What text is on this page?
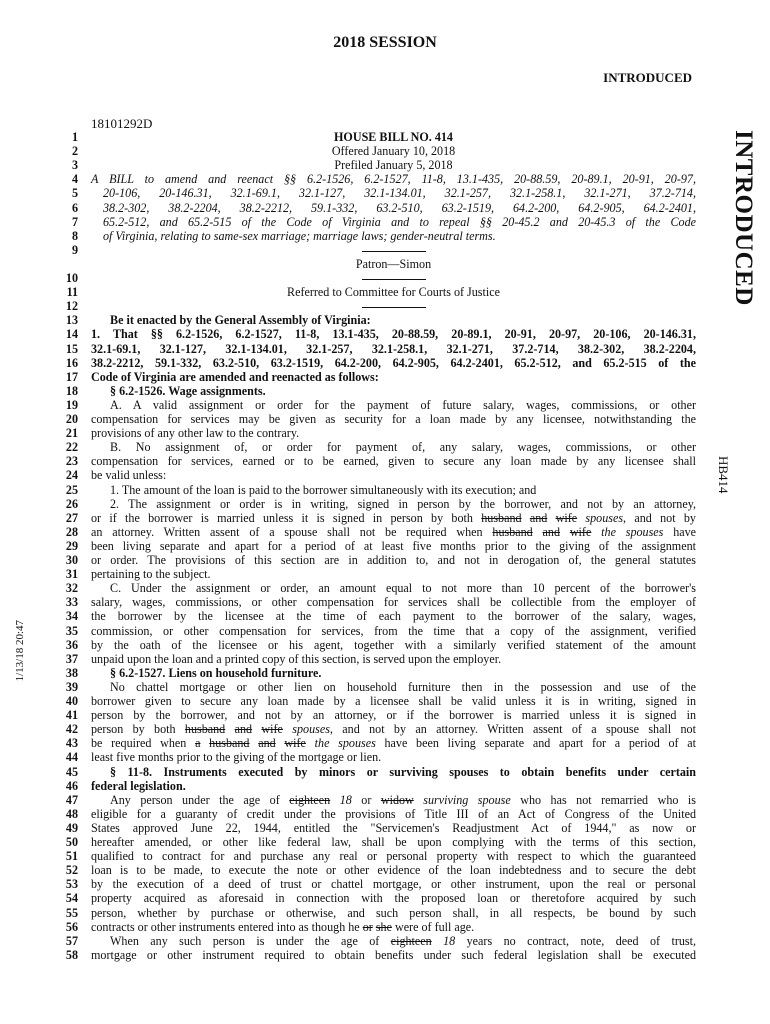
2018 SESSION
INTRODUCED
18101292D
INTRODUCED
HB414
1/13/18 20:47
1	HOUSE BILL NO. 414
2	Offered January 10, 2018
3	Prefiled January 5, 2018
4 A BILL to amend and reenact §§ 6.2-1526, 6.2-1527, 11-8, 13.1-435, 20-88.59, 20-89.1, 20-91, 20-97,
5	20-106, 20-146.31, 32.1-69.1, 32.1-127, 32.1-134.01, 32.1-257, 32.1-258.1, 32.1-271, 37.2-714,
6	38.2-302, 38.2-2204, 38.2-2212, 59.1-332, 63.2-510, 63.2-1519, 64.2-200, 64.2-905, 64.2-2401,
7	65.2-512, and 65.2-515 of the Code of Virginia and to repeal §§ 20-45.2 and 20-45.3 of the Code
8	of Virginia, relating to same-sex marriage; marriage laws; gender-neutral terms.
9
Patron—Simon
10
11	Referred to Committee for Courts of Justice
12
13	Be it enacted by the General Assembly of Virginia:
14 1. That §§ 6.2-1526, 6.2-1527, 11-8, 13.1-435, 20-88.59, 20-89.1, 20-91, 20-97, 20-106, 20-146.31,
15 32.1-69.1, 32.1-127, 32.1-134.01, 32.1-257, 32.1-258.1, 32.1-271, 37.2-714, 38.2-302, 38.2-2204,
16 38.2-2212, 59.1-332, 63.2-510, 63.2-1519, 64.2-200, 64.2-905, 64.2-2401, 65.2-512, and 65.2-515 of the
17 Code of Virginia are amended and reenacted as follows:
18	§ 6.2-1526. Wage assignments.
19	A. A valid assignment or order for the payment of future salary, wages, commissions, or other
20 compensation for services may be given as security for a loan made by any licensee, notwithstanding the
21 provisions of any other law to the contrary.
22	B. No assignment of, or order for payment of, any salary, wages, commissions, or other
23 compensation for services, earned or to be earned, given to secure any loan made by any licensee shall
24 be valid unless:
25	1. The amount of the loan is paid to the borrower simultaneously with its execution; and
26	2. The assignment or order is in writing, signed in person by the borrower, and not by an attorney,
27 or if the borrower is married unless it is signed in person by both husband and wife spouses, and not by
28 an attorney. Written assent of a spouse shall not be required when husband and wife the spouses have
29 been living separate and apart for a period of at least five months prior to the giving of the assignment
30 or order. The provisions of this section are in addition to, and not in derogation of, the general statutes
31 pertaining to the subject.
32	C. Under the assignment or order, an amount equal to not more than 10 percent of the borrower's
33 salary, wages, commissions, or other compensation for services shall be collectible from the employer of
34 the borrower by the licensee at the time of each payment to the borrower of the salary, wages,
35 commission, or other compensation for services, from the time that a copy of the assignment, verified
36 by the oath of the licensee or his agent, together with a similarly verified statement of the amount
37 unpaid upon the loan and a printed copy of this section, is served upon the employer.
38	§ 6.2-1527. Liens on household furniture.
39	No chattel mortgage or other lien on household furniture then in the possession and use of the
40 borrower given to secure any loan made by a licensee shall be valid unless it is in writing, signed in
41 person by the borrower, and not by an attorney, or if the borrower is married unless it is signed in
42 person by both husband and wife spouses, and not by an attorney. Written assent of a spouse shall not
43 be required when a husband and wife the spouses have been living separate and apart for a period of at
44 least five months prior to the giving of the mortgage or lien.
45	§ 11-8. Instruments executed by minors or surviving spouses to obtain benefits under certain
46 federal legislation.
47	Any person under the age of eighteen 18 or widow surviving spouse who has not remarried who is
48 eligible for a guaranty of credit under the provisions of Title III of an Act of Congress of the United
49 States approved June 22, 1944, entitled the "Servicemen's Readjustment Act of 1944," as now or
50 hereafter amended, or other like federal law, shall be upon complying with the terms of this section,
51 qualified to contract for and purchase any real or personal property with respect to which the guaranteed
52 loan is to be made, to execute the note or other evidence of the loan indebtedness and to secure the debt
53 by the execution of a deed of trust or chattel mortgage, or other instrument, upon the real or personal
54 property acquired as aforesaid in connection with the proposed loan or theretofore acquired by such
55 person, whether by purchase or otherwise, and such person shall, in all respects, be bound by such
56 contracts or other instruments entered into as though he or she were of full age.
57	When any such person is under the age of eighteen 18 years no contract, note, deed of trust,
58 mortgage or other instrument required to obtain benefits under such federal legislation shall be executed
